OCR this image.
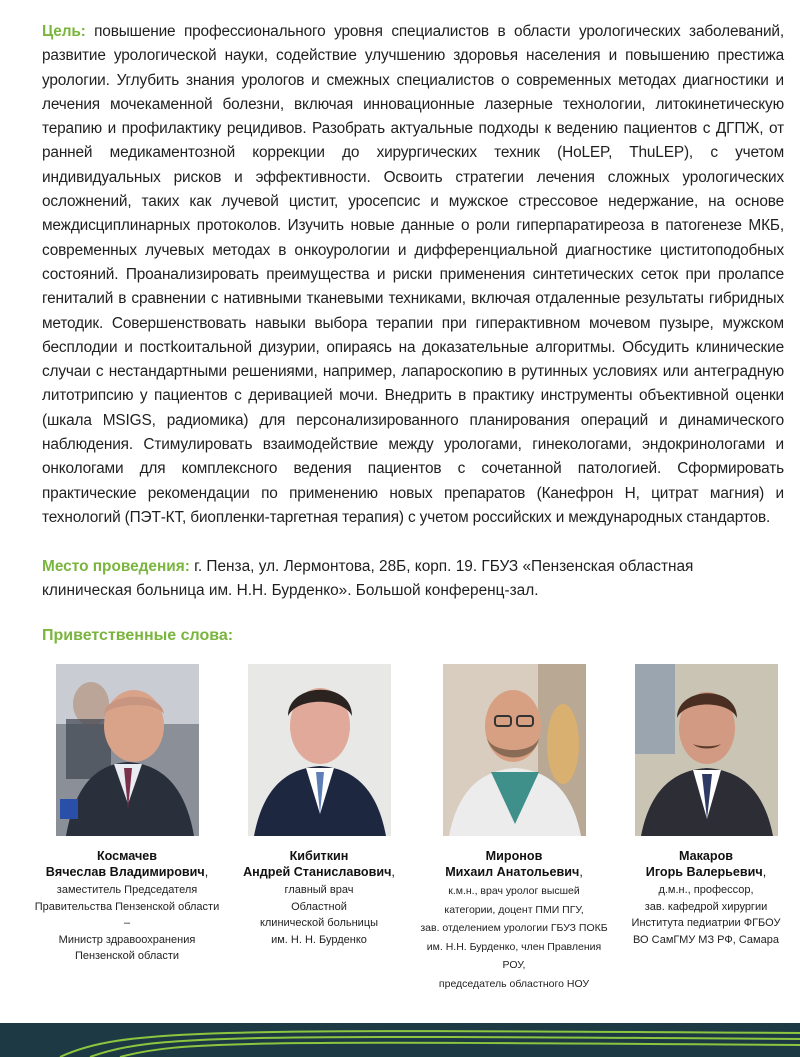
Цель: повышение профессионального уровня специалистов в области урологических заболеваний, развитие урологической науки, содействие улучшению здоровья населения и повышению престижа урологии. Углубить знания урологов и смежных специалистов о современных методах диагностики и лечения мочекаменной болезни, включая инновационные лазерные технологии, литокинетическую терапию и профилактику рецидивов. Разобрать актуальные подходы к ведению пациентов с ДГПЖ, от ранней медикаментозной коррекции до хирургических техник (HoLEP, ThuLEP), с учетом индивидуальных рисков и эффективности. Освоить стратегии лечения сложных урологических осложнений, таких как лучевой цистит, уросепсис и мужское стрессовое недержание, на основе междисциплинарных протоколов. Изучить новые данные о роли гиперпаратиреоза в патогенезе МКБ, современных лучевых методах в онкоурологии и дифференциальной диагностике циститоподобных состояний. Проанализировать преимущества и риски применения синтетических сеток при пролапсе гениталий в сравнении с нативными тканевыми техниками, включая отдаленные результаты гибридных методик. Совершенствовать навыки выбора терапии при гиперактивном мочевом пузыре, мужском бесплодии и постkoитальной дизурии, опираясь на доказательные алгоритмы. Обсудить клинические случаи с нестандартными решениями, например, лапароскопию в рутинных условиях или антеградную литотрипсию у пациентов с деривацией мочи. Внедрить в практику инструменты объективной оценки (шкала MSIGS, радиомика) для персонализированного планирования операций и динамического наблюдения. Стимулировать взаимодействие между урологами, гинекологами, эндокринологами и онкологами для комплексного ведения пациентов с сочетанной патологией. Сформировать практические рекомендации по применению новых препаратов (Канефрон Н, цитрат магния) и технологий (ПЭТ-КТ, биопленки-таргетная терапия) с учетом российских и международных стандартов.

Место проведения: г. Пенза, ул. Лермонтова, 28Б, корп. 19. ГБУЗ «Пензенская областная клиническая больница им. Н.Н. Бурденко». Большой конференц-зал.

Приветственные слова:
Космачев
Вячеслав Владимирович,
заместитель Председателя
Правительства Пензенской области –
Министр здравоохранения
Пензенской области
Кибиткин
Андрей Станиславович,
главный врач
Областной
клинической больницы
им. Н. Н. Бурденко
Миронов
Михаил Анатольевич,
к.м.н., врач уролог высшей
категории, доцент ПМИ ПГУ,
зав. отделением урологии ГБУЗ ПОКБ
им. Н.Н. Бурденко, член Правления РОУ,
председатель областного НОУ
Макаров
Игорь Валерьевич,
д.м.н., профессор,
зав. кафедрой хирургии
Института педиатрии ФГБОУ
ВО СамГМУ МЗ РФ, Самара
